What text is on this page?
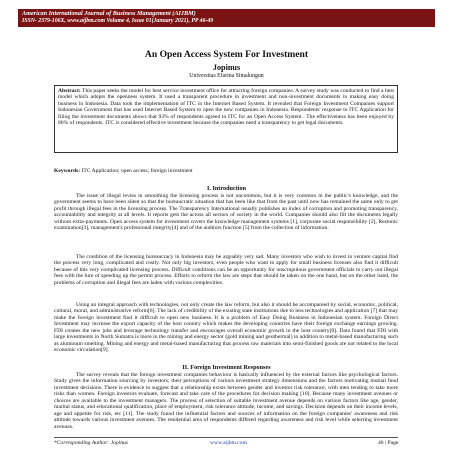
American International Journal of Business Management (AIJBM)
ISSN- 2379-106X, www.aijbm.com Volume 4, Issue 01(January 2021), PP 46-49
An Open Access System For Investment
Jopinus
Universitas Efarina Simalungun
Abstract: This paper seeks the model for best service investment office for attracting foreign companies. A survey study was conducted to find a best model which adopts the openness system. It used a transparent procedure in investment and non-investment documents in making easy doing business in Indonesia. Data took the implementation of ITC in the Internet Based System. It revealed that Foreign Investment Companies support Indonesian Government that has used Internet Based System to open the new companies in Indonesia. Respondents' response to ITC Application for filing the investment documents shows that 93% of respondents agreed to ITC for an Open Access System . The effectiveness has been enjoyed by 86% of respondents. ITC is considered effective investment because the companies need a transparency to get legal documents.
Keywords: ITC Application; open access; foreign investment
I. Introduction
The issue of illegal levies in smoothing the licensing process is not uncommon, but it is very common in the public's knowledge, and the government seems to have been silent so that the bureaucratic situation that has been like that from the past until now has remained the same only to get profit through illegal fees in the licensing process. The Transparency International usually publishes an index of corruption and promoting transparency, accountability and integrity at all levels. It reports gets the across all sectors of society in the world. Companies should also fill the documents legally without extra-payments. Open access system for investment covers the knowledge management systems [1], corporate social responsibility [2], Restonic examination[3], management's professional integrity[4] and of the auditors function [5] from the collection of information.
The condition of the licensing bureaucracy in Indonesia may be arguably very sad. Many investors who wish to invest in venture capital find the process very long, complicated and costly. Not only big investors, even people who want to apply for small business licenses also find it difficult because of this very complicated licensing process. Difficult conditions can be an opportunity for unscrupulous government officials to carry out illegal fees with the lure of speeding up the permit process. Efforts to reform the law are steps that should be taken on the one hand, but on the other hand, the problems of corruption and illegal fees are laden with various complexities.
Using an integral approach with technologies, not only create the law reform, but also it should be accompanied by social, economic, political, cultural, moral, and administrative reform[6]. The lack of credibility of the existing state institutions due to less technologies and application [7] that may make the foreign investment find it difficult to open new business. It is a problem of Easy Doing Business in Indonesian system. Foreign Direct Investment may increase the export capacity of the host country which makes the developing countries have their foreign exchange earnings growing. FDI creates the new jobs and leverage technology transfer and encourages overall economic growth in the host country[8]. Data found that FDI with large investments in North Sumatra is more in the mining and energy sector (gold mining and geothermal) in addition to metal-based manufacturing such as aluminum smelting. Mining and energy and metal-based manufacturing that process raw materials into semi-finished goods are not related to the local economic circulation[9].
II. Foreign Investment Responses
The survey reveals that the foreign investment companies behaviour is basically influenced by the external factors like psychological factors. Study gives the information sourcing by investors; their perceptions of various investment strategy dimensions and the factors motivating mutual fund investment decisions. There is evidence to suggest that a relationship exists between gender and investor risk tolerance, with men tending to take more risks than women. Foreign investors evaluate, forecast and take care of the procedures for decision making [10]. Because many investment avenues or choices are available to the investment managers. The process of selection of suitable investment avenue depends on various factors like age, gender, marital status, and educational qualification, place of employment, risk tolerance attitude, income, and savings. Decision depends on their income levels, age and appetite for risk, etc [11]. The study found the influential factors and sources of information on the foreign companies' awareness and risk attitude towards various investment avenues. The residential area of respondents differed regarding awareness and risk level while selecting investment avenues.
*Corresponding Author: Jopinus	www.aijbm.com	46 | Page
